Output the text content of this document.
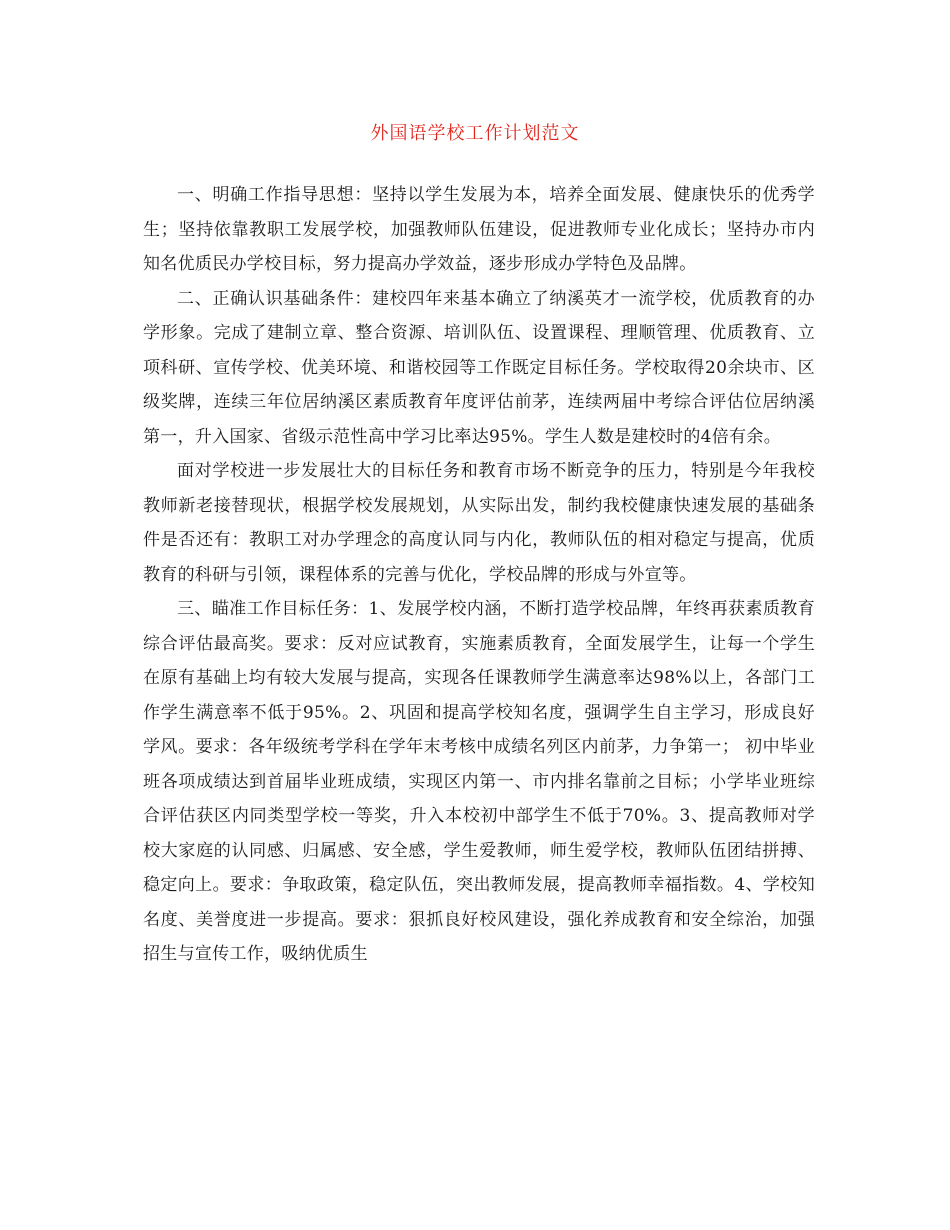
外国语学校工作计划范文

一、明确工作指导思想：坚持以学生发展为本，培养全面发展、健康快乐的优秀学生；坚持依靠教职工发展学校，加强教师队伍建设，促进教师专业化成长；坚持办市内知名优质民办学校目标，努力提高办学效益，逐步形成办学特色及品牌。

二、正确认识基础条件：建校四年来基本确立了纳溪英才一流学校，优质教育的办学形象。完成了建制立章、整合资源、培训队伍、设置课程、理顺管理、优质教育、立项科研、宣传学校、优美环境、和谐校园等工作既定目标任务。学校取得20余块市、区级奖牌，连续三年位居纳溪区素质教育年度评估前茅，连续两届中考综合评估位居纳溪第一，升入国家、省级示范性高中学习比率达95%。学生人数是建校时的4倍有余。

面对学校进一步发展壮大的目标任务和教育市场不断竞争的压力，特别是今年我校教师新老接替现状，根据学校发展规划，从实际出发，制约我校健康快速发展的基础条件是否还有：教职工对办学理念的高度认同与内化，教师队伍的相对稳定与提高，优质教育的科研与引领，课程体系的完善与优化，学校品牌的形成与外宣等。

三、瞄准工作目标任务：1、发展学校内涵，不断打造学校品牌，年终再获素质教育综合评估最高奖。要求：反对应试教育，实施素质教育，全面发展学生，让每一个学生在原有基础上均有较大发展与提高，实现各任课教师学生满意率达98%以上，各部门工作学生满意率不低于95%。2、巩固和提高学校知名度，强调学生自主学习，形成良好学风。要求：各年级统考学科在学年末考核中成绩名列区内前茅，力争第一； 初中毕业班各项成绩达到首届毕业班成绩，实现区内第一、市内排名靠前之目标；小学毕业班综合评估获区内同类型学校一等奖，升入本校初中部学生不低于70%。3、提高教师对学校大家庭的认同感、归属感、安全感，学生爱教师，师生爱学校，教师队伍团结拼搏、稳定向上。要求：争取政策，稳定队伍，突出教师发展，提高教师幸福指数。4、学校知名度、美誉度进一步提高。要求：狠抓良好校风建设，强化养成教育和安全综治，加强招生与宣传工作，吸纳优质生
